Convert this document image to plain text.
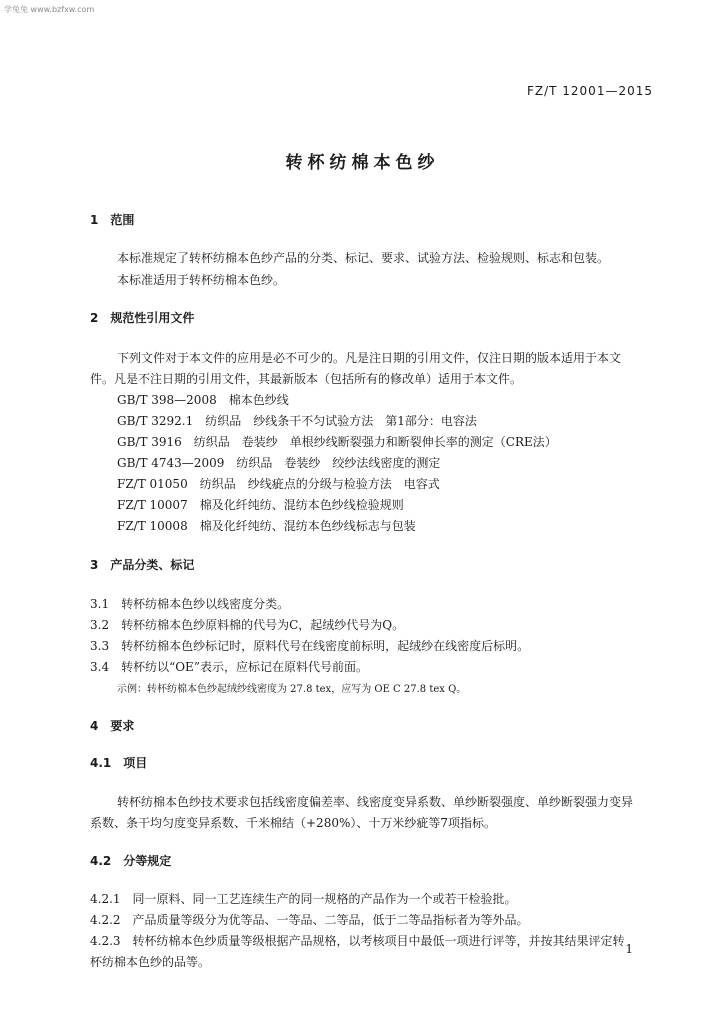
学兔兔 www.bzfxw.com
FZ/T 12001—2015
转杯纺棉本色纱
1　范围
本标准规定了转杯纺棉本色纱产品的分类、标记、要求、试验方法、检验规则、标志和包装。
本标准适用于转杯纺棉本色纱。
2　规范性引用文件
下列文件对于本文件的应用是必不可少的。凡是注日期的引用文件，仅注日期的版本适用于本文
件。凡是不注日期的引用文件，其最新版本（包括所有的修改单）适用于本文件。
GB/T 398—2008　棉本色纱线
GB/T 3292.1　纺织品　纱线条干不匀试验方法　第1部分：电容法
GB/T 3916　纺织品　卷装纱　单根纱线断裂强力和断裂伸长率的测定（CRE法）
GB/T 4743—2009　纺织品　卷装纱　绞纱法线密度的测定
FZ/T 01050　纺织品　纱线疵点的分级与检验方法　电容式
FZ/T 10007　棉及化纤纯纺、混纺本色纱线检验规则
FZ/T 10008　棉及化纤纯纺、混纺本色纱线标志与包装
3　产品分类、标记
3.1　转杯纺棉本色纱以线密度分类。
3.2　转杯纺棉本色纱原料棉的代号为C，起绒纱代号为Q。
3.3　转杯纺棉本色纱标记时，原料代号在线密度前标明，起绒纱在线密度后标明。
3.4　转杯纺以“OE”表示，应标记在原料代号前面。
示例：转杯纺棉本色纱起绒纱线密度为 27.8 tex，应写为 OE C 27.8 tex Q。
4　要求
4.1　项目
转杯纺棉本色纱技术要求包括线密度偏差率、线密度变异系数、单纱断裂强度、单纱断裂强力变异
系数、条干均匀度变异系数、千米棉结（+280%）、十万米纱疵等7项指标。
4.2　分等规定
4.2.1　同一原料、同一工艺连续生产的同一规格的产品作为一个或若干检验批。
4.2.2　产品质量等级分为优等品、一等品、二等品，低于二等品指标者为等外品。
4.2.3　转杯纺棉本色纱质量等级根据产品规格，以考核项目中最低一项进行评等，并按其结果评定转
杯纺棉本色纱的品等。
1
